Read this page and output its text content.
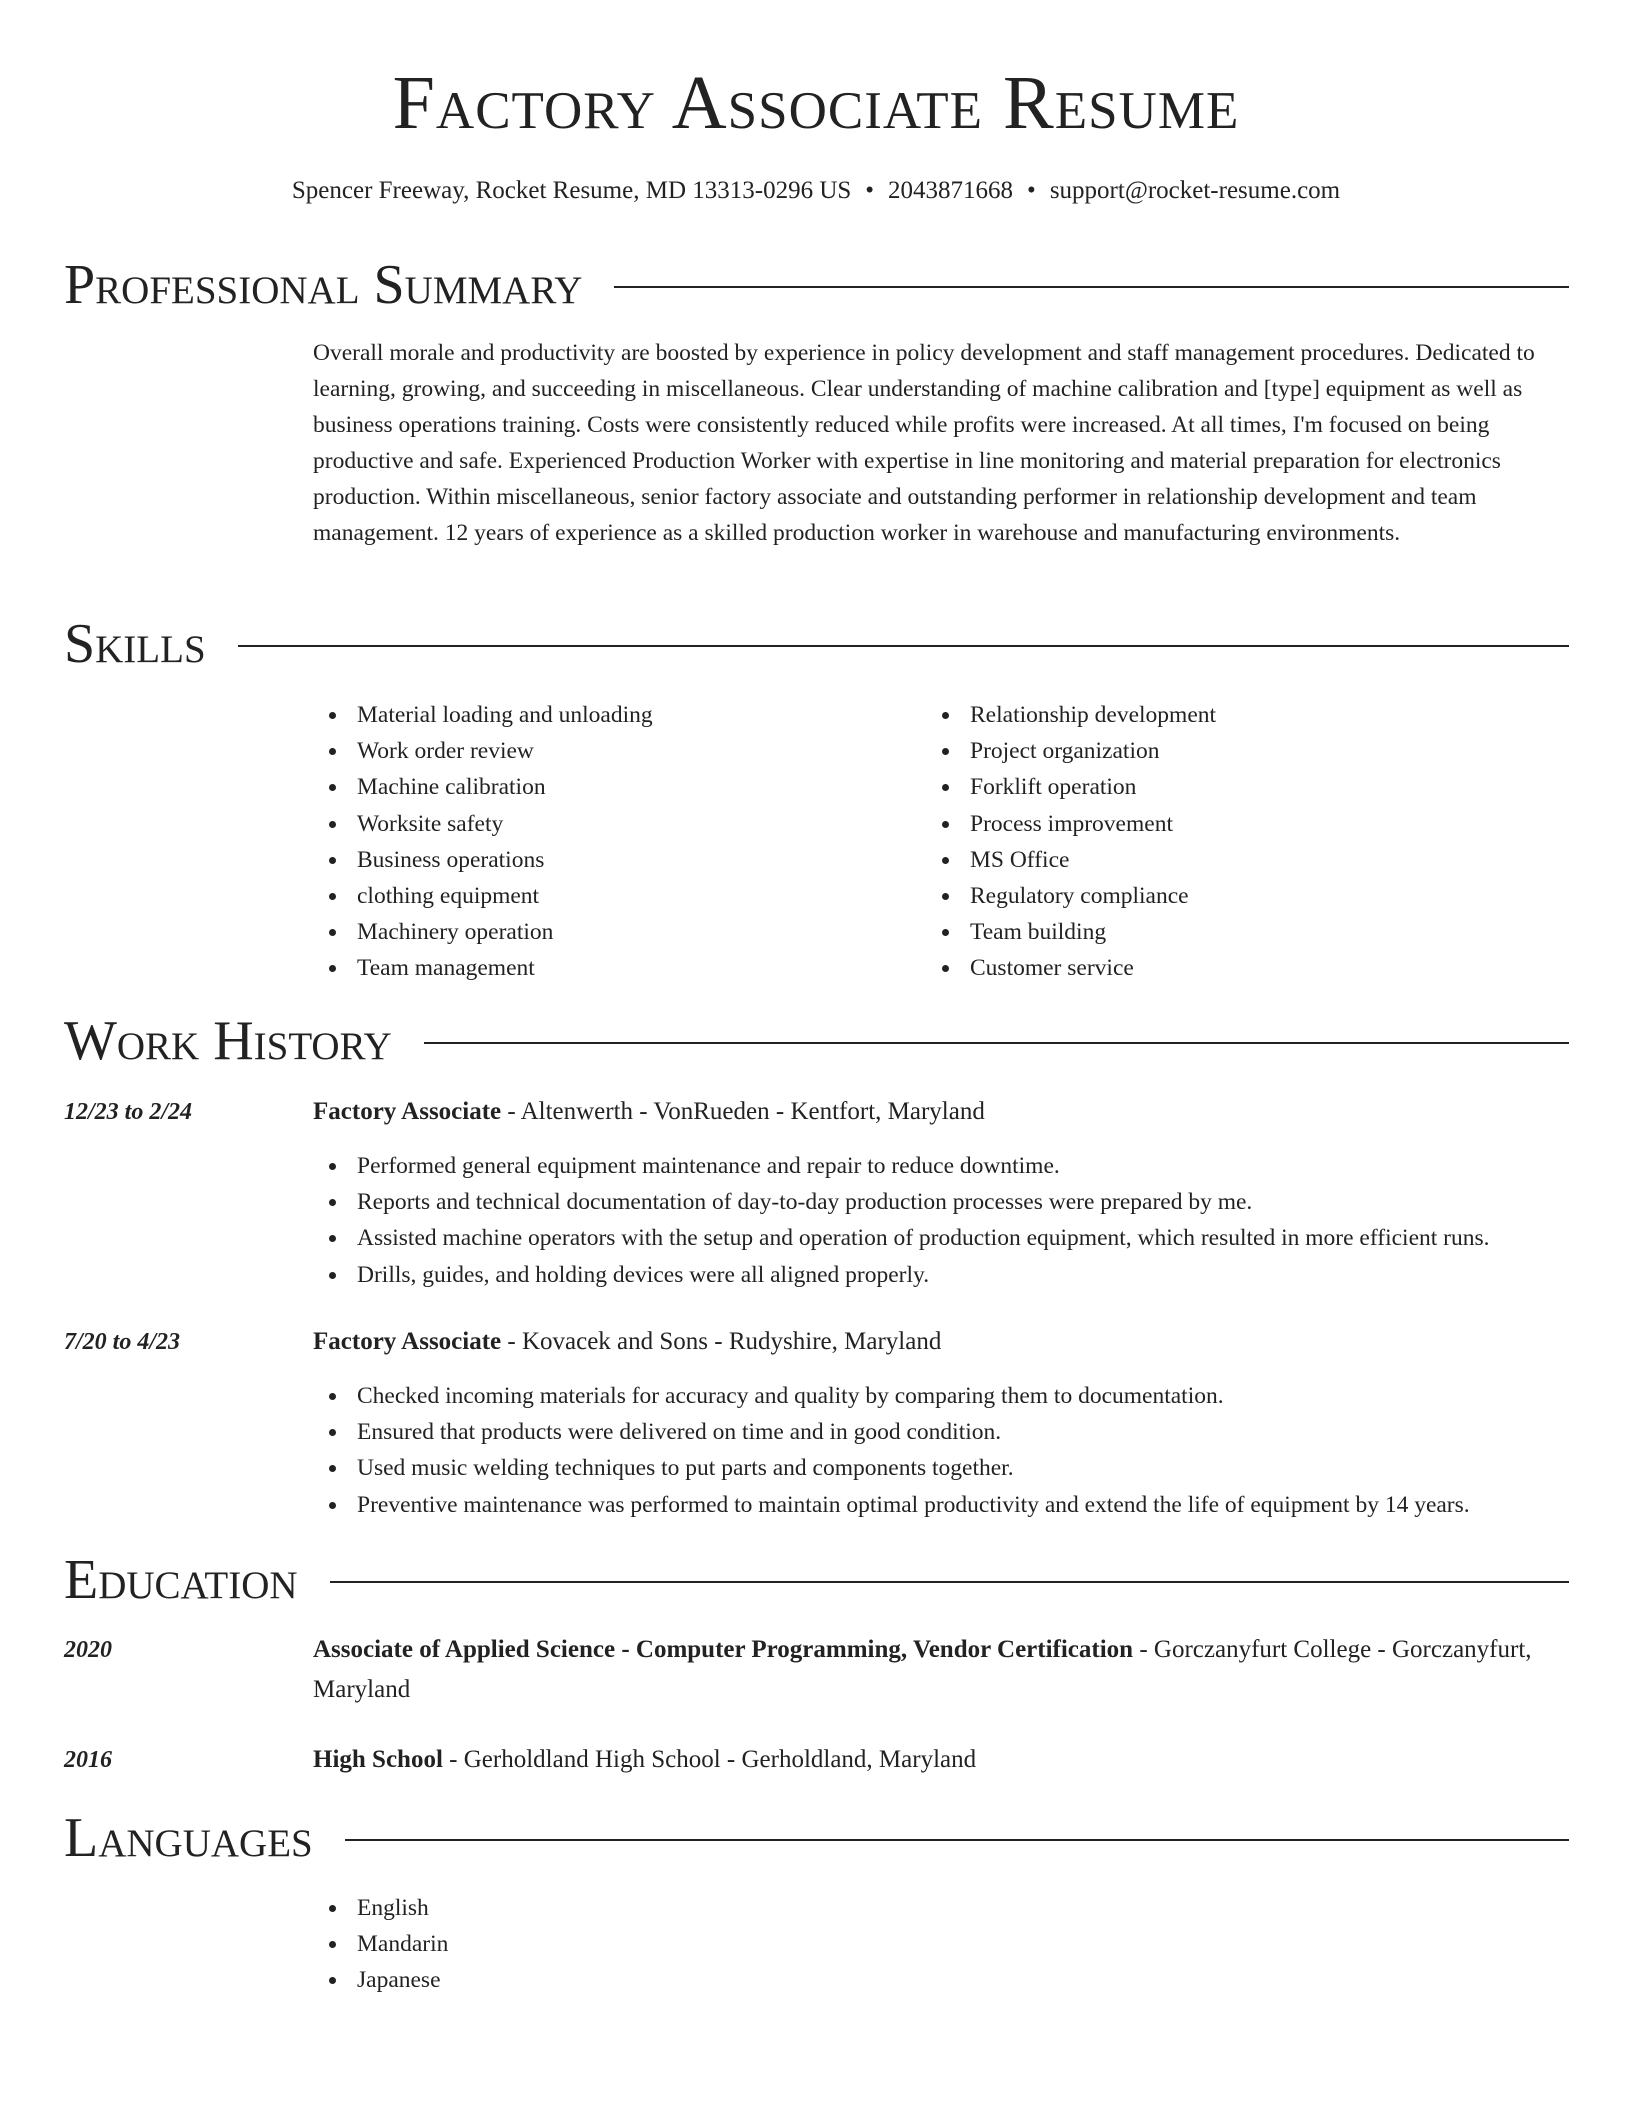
Factory Associate Resume
Spencer Freeway, Rocket Resume, MD 13313-0296 US • 2043871668 • support@rocket-resume.com
Professional Summary
Overall morale and productivity are boosted by experience in policy development and staff management procedures. Dedicated to learning, growing, and succeeding in miscellaneous. Clear understanding of machine calibration and [type] equipment as well as business operations training. Costs were consistently reduced while profits were increased. At all times, I'm focused on being productive and safe. Experienced Production Worker with expertise in line monitoring and material preparation for electronics production. Within miscellaneous, senior factory associate and outstanding performer in relationship development and team management. 12 years of experience as a skilled production worker in warehouse and manufacturing environments.
Skills
Material loading and unloading
Work order review
Machine calibration
Worksite safety
Business operations
clothing equipment
Machinery operation
Team management
Relationship development
Project organization
Forklift operation
Process improvement
MS Office
Regulatory compliance
Team building
Customer service
Work History
12/23 to 2/24	Factory Associate - Altenwerth - VonRueden - Kentfort, Maryland
Performed general equipment maintenance and repair to reduce downtime.
Reports and technical documentation of day-to-day production processes were prepared by me.
Assisted machine operators with the setup and operation of production equipment, which resulted in more efficient runs.
Drills, guides, and holding devices were all aligned properly.
7/20 to 4/23	Factory Associate - Kovacek and Sons - Rudyshire, Maryland
Checked incoming materials for accuracy and quality by comparing them to documentation.
Ensured that products were delivered on time and in good condition.
Used music welding techniques to put parts and components together.
Preventive maintenance was performed to maintain optimal productivity and extend the life of equipment by 14 years.
Education
2020	Associate of Applied Science - Computer Programming, Vendor Certification - Gorczanyfurt College - Gorczanyfurt, Maryland
2016	High School - Gerholdland High School - Gerholdland, Maryland
Languages
English
Mandarin
Japanese
